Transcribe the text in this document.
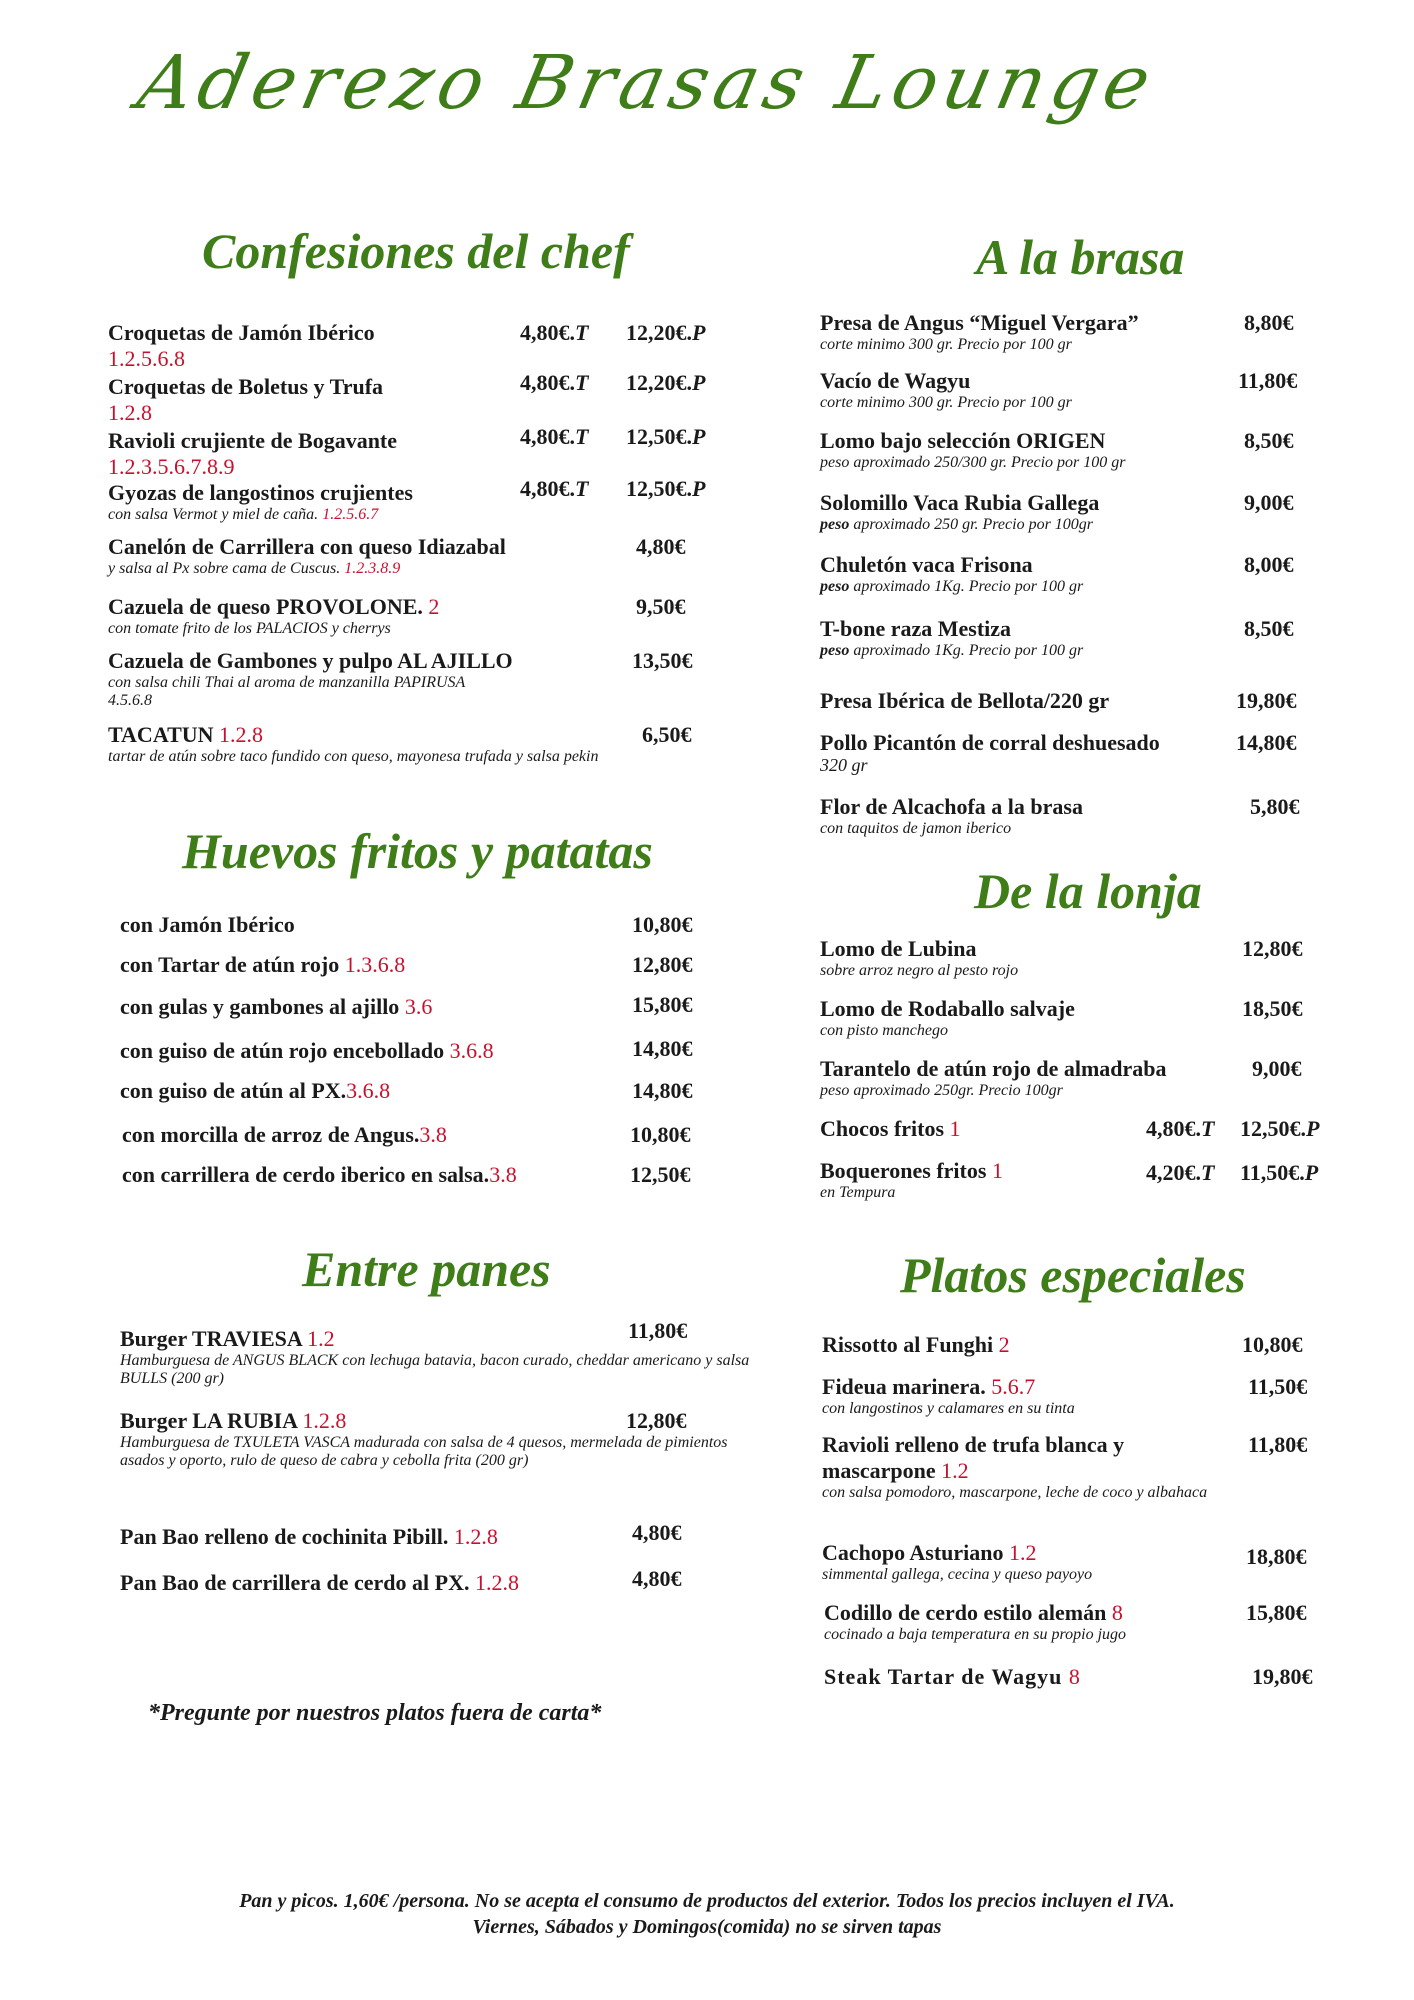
Aderezo Brasas Lounge
Confesiones del chef
Croquetas de Jamón Ibérico
1.2.5.6.8
4,80€.T 12,20€.P
Croquetas de Boletus y Trufa
1.2.8
4,80€.T 12,20€.P
Ravioli crujiente de Bogavante
1.2.3.5.6.7.8.9
4,80€.T 12,50€.P
Gyozas de langostinos crujientes
con salsa Vermot y miel de caña. 1.2.5.6.7
4,80€.T 12,50€.P
Canelón de Carrillera con queso Idiazabal
y salsa al Px sobre cama de Cuscus. 1.2.3.8.9
4,80€
Cazuela de queso PROVOLONE. 2
con tomate frito de los PALACIOS y cherrys
9,50€
Cazuela de Gambones y pulpo AL AJILLO
con salsa chili Thai al aroma de manzanilla PAPIRUSA
4.5.6.8
13,50€
TACATUN 1.2.8
tartar de atún sobre taco fundido con queso, mayonesa trufada y salsa pekin
6,50€
Huevos fritos y patatas
con Jamón Ibérico	10,80€
con Tartar de atún rojo 1.3.6.8	12,80€
con gulas y gambones al ajillo 3.6	15,80€
con guiso de atún rojo encebollado 3.6.8	14,80€
con guiso de atún al PX.3.6.8	14,80€
con morcilla de arroz de Angus.3.8	10,80€
con carrillera de cerdo iberico en salsa.3.8	12,50€
Entre panes
Burger TRAVIESA 1.2
Hamburguesa de ANGUS BLACK con lechuga batavia, bacon curado, cheddar americano y salsa BULLS (200 gr)
11,80€
Burger LA RUBIA 1.2.8
Hamburguesa de TXULETA VASCA madurada con salsa de 4 quesos, mermelada de pimientos asados y oporto, rulo de queso de cabra y cebolla frita (200 gr)
12,80€
Pan Bao relleno de cochinita Pibill. 1.2.8	4,80€
Pan Bao de carrillera de cerdo al PX. 1.2.8	4,80€
*Pregunte por nuestros platos fuera de carta*
A la brasa
Presa de Angus “Miguel Vergara”
corte minimo 300 gr. Precio por 100 gr
8,80€
Vacío de Wagyu
corte minimo 300 gr. Precio por 100 gr
11,80€
Lomo bajo selección ORIGEN
peso aproximado 250/300 gr. Precio por 100 gr
8,50€
Solomillo Vaca Rubia Gallega
peso aproximado 250 gr. Precio por 100gr
9,00€
Chuletón vaca Frisona
peso aproximado 1Kg. Precio por 100 gr
8,00€
T-bone raza Mestiza
peso aproximado 1Kg. Precio por 100 gr
8,50€
Presa Ibérica de Bellota/220 gr	19,80€
Pollo Picantón de corral deshuesado
320 gr
14,80€
Flor de Alcachofa a la brasa
con taquitos de jamon iberico
5,80€
De la lonja
Lomo de Lubina
sobre arroz negro al pesto rojo
12,80€
Lomo de Rodaballo salvaje
con pisto manchego
18,50€
Tarantelo de atún rojo de almadraba
peso aproximado 250gr. Precio 100gr
9,00€
Chocos fritos 1	4,80€.T 12,50€.P
Boquerones fritos 1
en Tempura
4,20€.T 11,50€.P
Platos especiales
Rissotto al Funghi 2	10,80€
Fideua marinera. 5.6.7
con langostinos y calamares en su tinta
11,50€
Ravioli relleno de trufa blanca y
mascarpone 1.2
con salsa pomodoro, mascarpone, leche de coco y albahaca
11,80€
Cachopo Asturiano 1.2
simmental gallega, cecina y queso payoyo
18,80€
Codillo de cerdo estilo alemán 8
cocinado a baja temperatura en su propio jugo
15,80€
Steak Tartar de Wagyu 8	19,80€
Pan y picos. 1,60€ /persona. No se acepta el consumo de productos del exterior. Todos los precios incluyen el IVA.
Viernes, Sábados y Domingos(comida) no se sirven tapas
